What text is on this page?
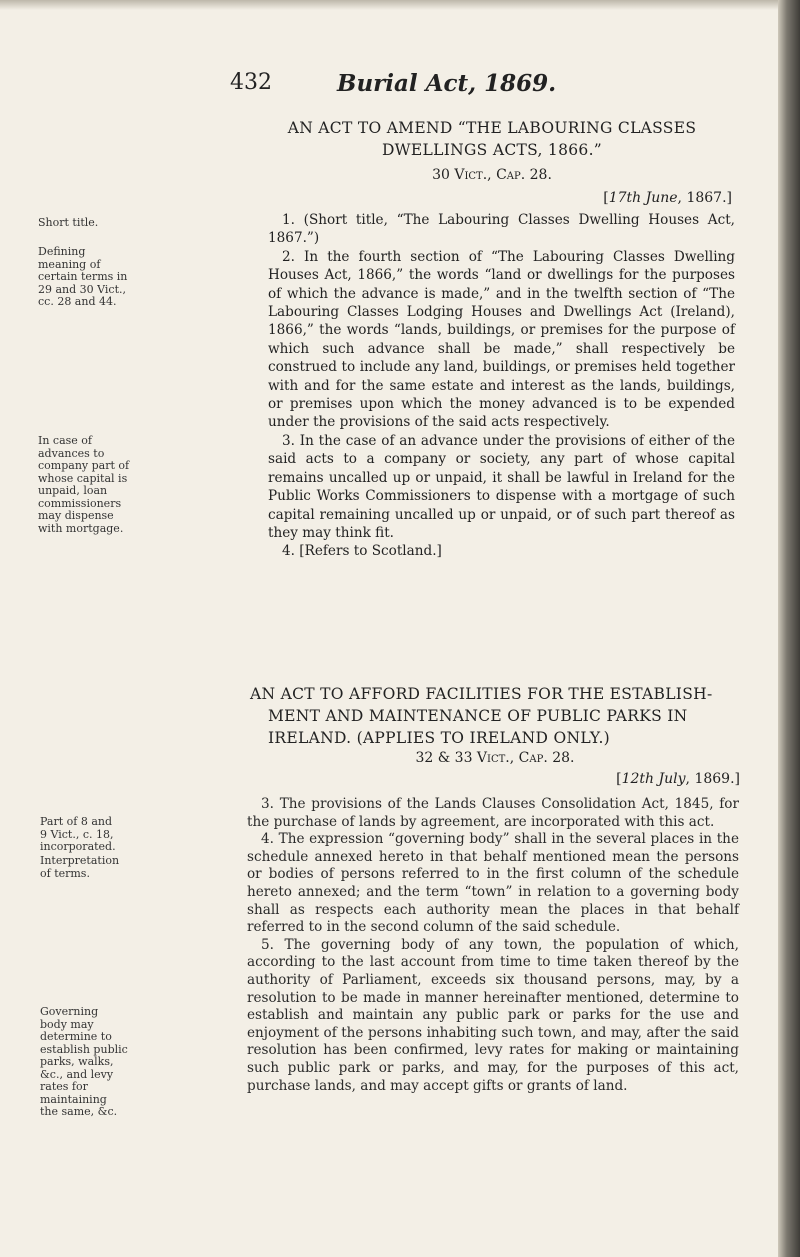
432	Burial Act, 1869.
AN ACT TO AMEND “THE LABOURING CLASSES
DWELLINGS ACTS, 1866.”
30 Vict., Cap. 28.
[17th June, 1867.]
Short title.
Defining meaning of certain terms in 29 and 30 Vict., cc. 28 and 44.
In case of advances to company part of whose capital is unpaid, loan commissioners may dispense with mortgage.

1. (Short title, “The Labouring Classes Dwelling Houses Act, 1867.”)

2. In the fourth section of “The Labouring Classes Dwelling Houses Act, 1866,” the words “land or dwellings for the purposes of which the advance is made,” and in the twelfth section of “The Labouring Classes Lodging Houses and Dwellings Act (Ireland), 1866,” the words “lands, buildings, or premises for the purpose of which such advance shall be made,” shall respectively be construed to include any land, buildings, or premises held together with and for the same estate and interest as the lands, buildings, or premises upon which the money advanced is to be expended under the provisions of the said acts respectively.

3. In the case of an advance under the provisions of either of the said acts to a company or society, any part of whose capital remains uncalled up or unpaid, it shall be lawful in Ireland for the Public Works Commissioners to dispense with a mortgage of such capital remaining uncalled up or unpaid, or of such part thereof as they may think fit.

4. [Refers to Scotland.]

AN ACT TO AFFORD FACILITIES FOR THE ESTABLISH-
MENT AND MAINTENANCE OF PUBLIC PARKS IN
IRELAND. (APPLIES TO IRELAND ONLY.)
32 & 33 Vict., Cap. 28.
[12th July, 1869.]
Part of 8 and 9 Vict., c. 18, incorporated.
Interpretation of terms.
Governing body may determine to establish public parks, walks, &c., and levy rates for maintaining the same, &c.

3. The provisions of the Lands Clauses Consolidation Act, 1845, for the purchase of lands by agreement, are incorporated with this act.

4. The expression “governing body” shall in the several places in the schedule annexed hereto in that behalf mentioned mean the persons or bodies of persons referred to in the first column of the schedule hereto annexed; and the term “town” in relation to a governing body shall as respects each authority mean the places in that behalf referred to in the second column of the said schedule.

5. The governing body of any town, the population of which, according to the last account from time to time taken thereof by the authority of Parliament, exceeds six thousand persons, may, by a resolution to be made in manner hereinafter mentioned, determine to establish and maintain any public park or parks for the use and enjoyment of the persons inhabiting such town, and may, after the said resolution has been confirmed, levy rates for making or maintaining such public park or parks, and may, for the purposes of this act, purchase lands, and may accept gifts or grants of land.
